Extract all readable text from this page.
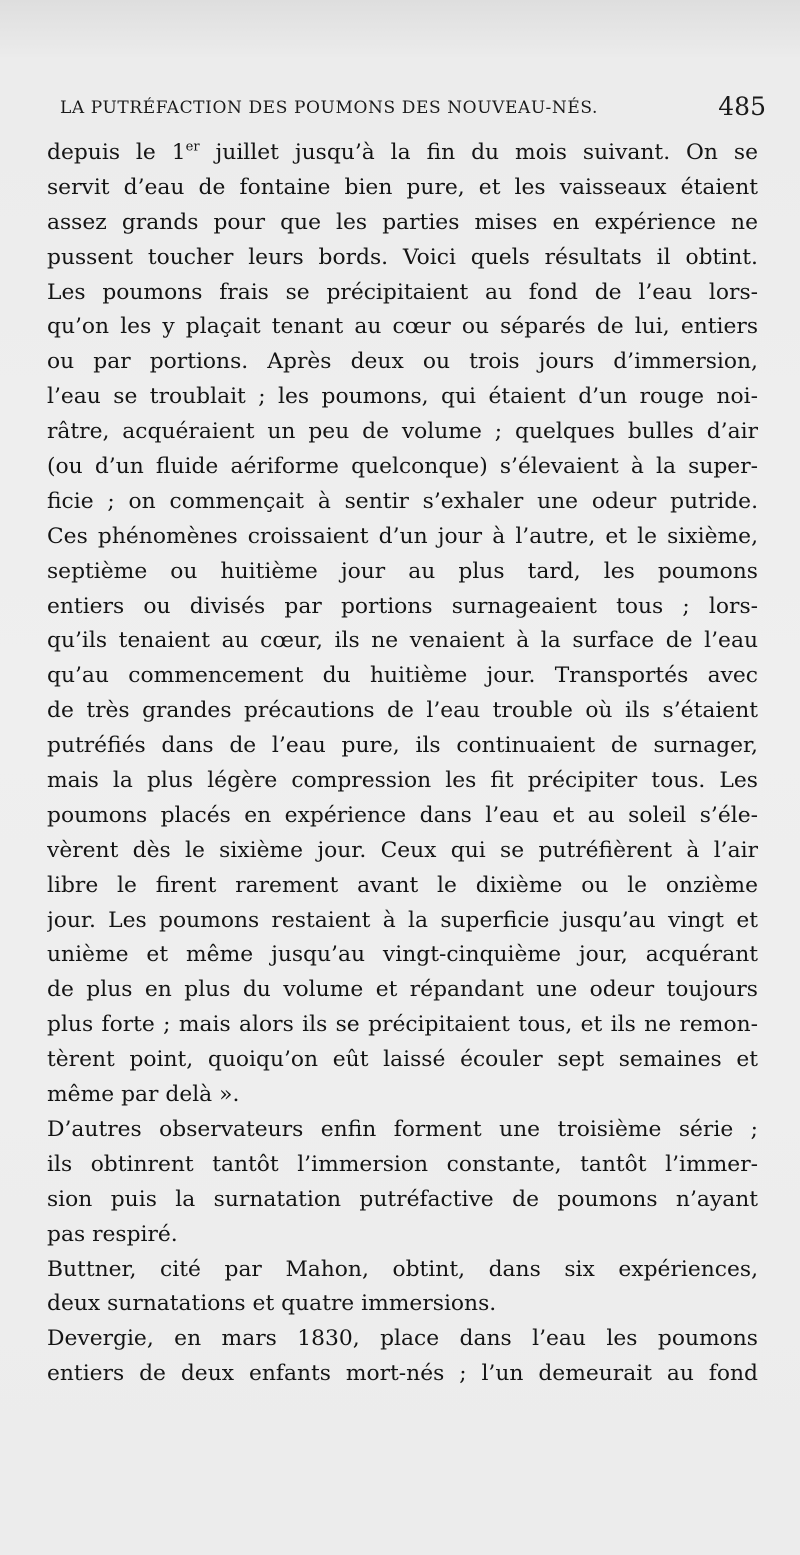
LA PUTRÉFACTION DES POUMONS DES NOUVEAU-NÉS.	485
depuis le 1er juillet jusqu’à la fin du mois suivant. On se
servit d’eau de fontaine bien pure, et les vaisseaux étaient
assez grands pour que les parties mises en expérience ne
pussent toucher leurs bords. Voici quels résultats il obtint.
Les poumons frais se précipitaient au fond de l’eau lors-
qu’on les y plaçait tenant au cœur ou séparés de lui, entiers
ou par portions. Après deux ou trois jours d’immersion,
l’eau se troublait ; les poumons, qui étaient d’un rouge noi-
râtre, acquéraient un peu de volume ; quelques bulles d’air
(ou d’un fluide aériforme quelconque) s’élevaient à la super-
ficie ; on commençait à sentir s’exhaler une odeur putride.
Ces phénomènes croissaient d’un jour à l’autre, et le sixième,
septième ou huitième jour au plus tard, les poumons
entiers ou divisés par portions surnageaient tous ; lors-
qu’ils tenaient au cœur, ils ne venaient à la surface de l’eau
qu’au commencement du huitième jour. Transportés avec
de très grandes précautions de l’eau trouble où ils s’étaient
putréfiés dans de l’eau pure, ils continuaient de surnager,
mais la plus légère compression les fit précipiter tous. Les
poumons placés en expérience dans l’eau et au soleil s’éle-
vèrent dès le sixième jour. Ceux qui se putréfièrent à l’air
libre le firent rarement avant le dixième ou le onzième
jour. Les poumons restaient à la superficie jusqu’au vingt et
unième et même jusqu’au vingt-cinquième jour, acquérant
de plus en plus du volume et répandant une odeur toujours
plus forte ; mais alors ils se précipitaient tous, et ils ne remon-
tèrent point, quoiqu’on eût laissé écouler sept semaines et
même par delà ».
D’autres observateurs enfin forment une troisième série ;
ils obtinrent tantôt l’immersion constante, tantôt l’immer-
sion puis la surnatation putréfactive de poumons n’ayant
pas respiré.
Buttner, cité par Mahon, obtint, dans six expériences,
deux surnatations et quatre immersions.
Devergie, en mars 1830, place dans l’eau les poumons
entiers de deux enfants mort-nés ; l’un demeurait au fond
